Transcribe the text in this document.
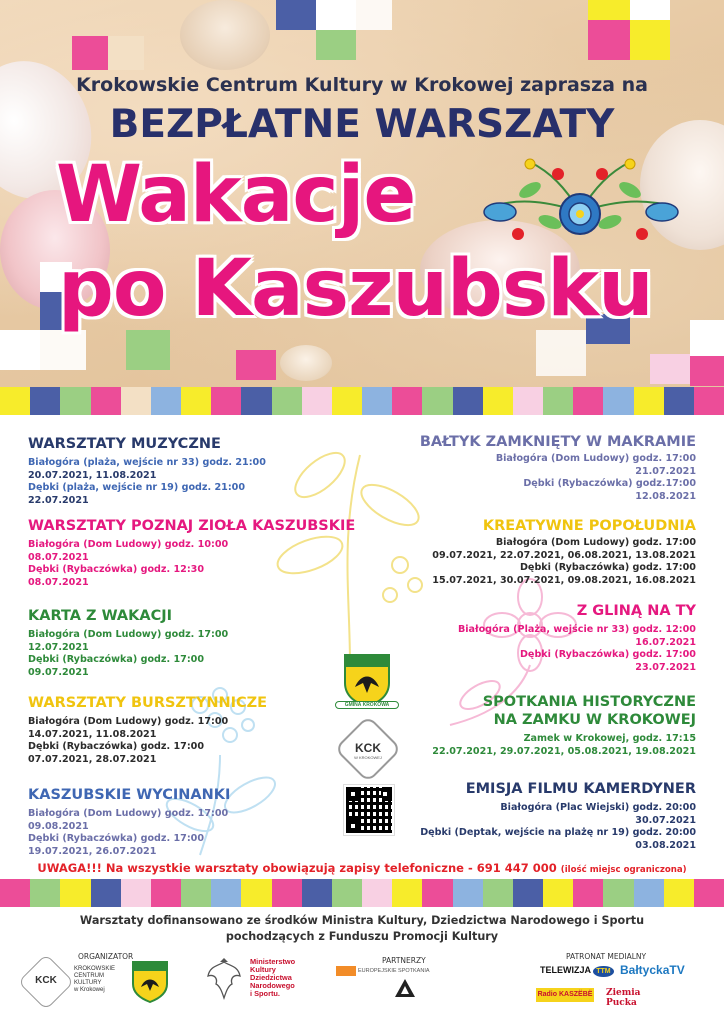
Krokowskie Centrum Kultury w Krokowej zaprasza na
BEZPŁATNE WARSZATY
Wakacje
po Kaszubsku
WARSZTATY MUZYCZNE
Białogóra (plaża, wejście nr 33) godz. 21:00
20.07.2021, 11.08.2021
Dębki (plaża, wejście nr 19) godz. 21:00
22.07.2021
WARSZTATY POZNAJ ZIOŁA KASZUBSKIE
Białogóra (Dom Ludowy) godz. 10:00
08.07.2021
Dębki (Rybaczówka) godz. 12:30
08.07.2021
KARTA Z WAKACJI
Białogóra (Dom Ludowy) godz. 17:00
12.07.2021
Dębki (Rybaczówka) godz. 17:00
09.07.2021
WARSZTATY BURSZTYNNICZE
Białogóra (Dom Ludowy) godz. 17:00
14.07.2021, 11.08.2021
Dębki (Rybaczówka) godz. 17:00
07.07.2021, 28.07.2021
KASZUBSKIE WYCINANKI
Białogóra (Dom Ludowy) godz. 17:00
09.08.2021
Dębki (Rybaczówka) godz. 17:00
19.07.2021, 26.07.2021
BAŁTYK ZAMKNIĘTY W MAKRAMIE
Białogóra (Dom Ludowy) godz. 17:00
21.07.2021
Dębki (Rybaczówka) godz.17:00
12.08.2021
KREATYWNE POPOŁUDNIA
Białogóra (Dom Ludowy) godz. 17:00
09.07.2021, 22.07.2021, 06.08.2021, 13.08.2021
Dębki (Rybaczówka) godz. 17:00
15.07.2021, 30.07.2021, 09.08.2021, 16.08.2021
Z GLINĄ NA TY
Białogóra (Plaża, wejście nr 33) godz. 12:00
16.07.2021
Dębki (Rybaczówka) godz. 17:00
23.07.2021
SPOTKANIA HISTORYCZNE
NA ZAMKU W KROKOWEJ
Zamek w Krokowej, godz. 17:15
22.07.2021, 29.07.2021, 05.08.2021, 19.08.2021
EMISJA FILMU KAMERDYNER
Białogóra (Plac Wiejski) godz. 20:00
30.07.2021
Dębki (Deptak, wejście na plażę nr 19) godz. 20:00
03.08.2021
GMINA KROKOWA
KCK
W KROKOWEJ
UWAGA!!! Na wszystkie warsztaty obowiązują zapisy telefoniczne - 691 447 000 (ilość miejsc ograniczona)
Warsztaty dofinansowano ze środków Ministra Kultury, Dziedzictwa Narodowego i Sportu
pochodzących z Funduszu Promocji Kultury
ORGANIZATOR	PARTNERZY	PATRONAT MEDIALNY
KCK
KROKOWSKIE
CENTRUM
KULTURY
w Krokowej
Ministerstwo
Kultury
Dziedzictwa
Narodowego
i Sportu.
EUROPEJSKIE SPOTKANIA	TELEWIZJA TTM BałtyckaTV
Radio KASZËBË Ziemia Pucka
